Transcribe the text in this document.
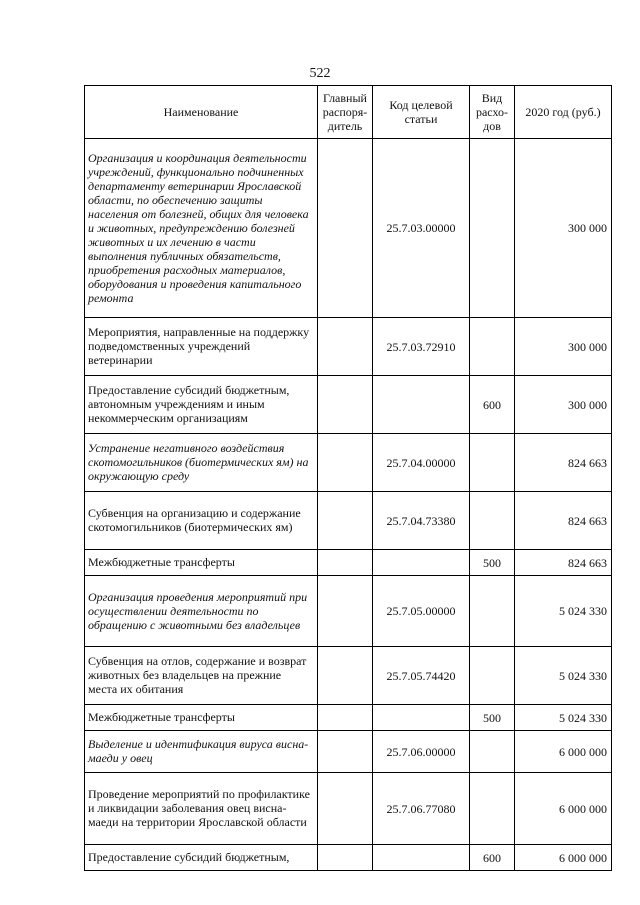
522
Наименование	Главный распоря-дитель	Код целевой статьи	Вид расхо-дов	2020 год (руб.)
Организация и координация деятельности учреждений, функционально подчиненных департаменту ветеринарии Ярославской области, по обеспечению защиты населения от болезней, общих для человека и животных, предупреждению болезней животных и их лечению в части выполнения публичных обязательств, приобретения расходных материалов, оборудования и проведения капитального ремонта		25.7.03.00000		300 000
Мероприятия, направленные на поддержку подведомственных учреждений ветеринарии		25.7.03.72910		300 000
Предоставление субсидий бюджетным, автономным учреждениям и иным некоммерческим организациям			600	300 000
Устранение негативного воздействия скотомогильников (биотермических ям) на окружающую среду		25.7.04.00000		824 663
Субвенция на организацию и содержание скотомогильников (биотермических ям)		25.7.04.73380		824 663
Межбюджетные трансферты			500	824 663
Организация проведения мероприятий при осуществлении деятельности по обращению с животными без владельцев		25.7.05.00000		5 024 330
Субвенция на отлов, содержание и возврат животных без владельцев на прежние места их обитания		25.7.05.74420		5 024 330
Межбюджетные трансферты			500	5 024 330
Выделение и идентификация вируса висна-маеди у овец		25.7.06.00000		6 000 000
Проведение мероприятий по профилактике и ликвидации заболевания овец висна-маеди на территории Ярославской области		25.7.06.77080		6 000 000
Предоставление субсидий бюджетным,			600	6 000 000
